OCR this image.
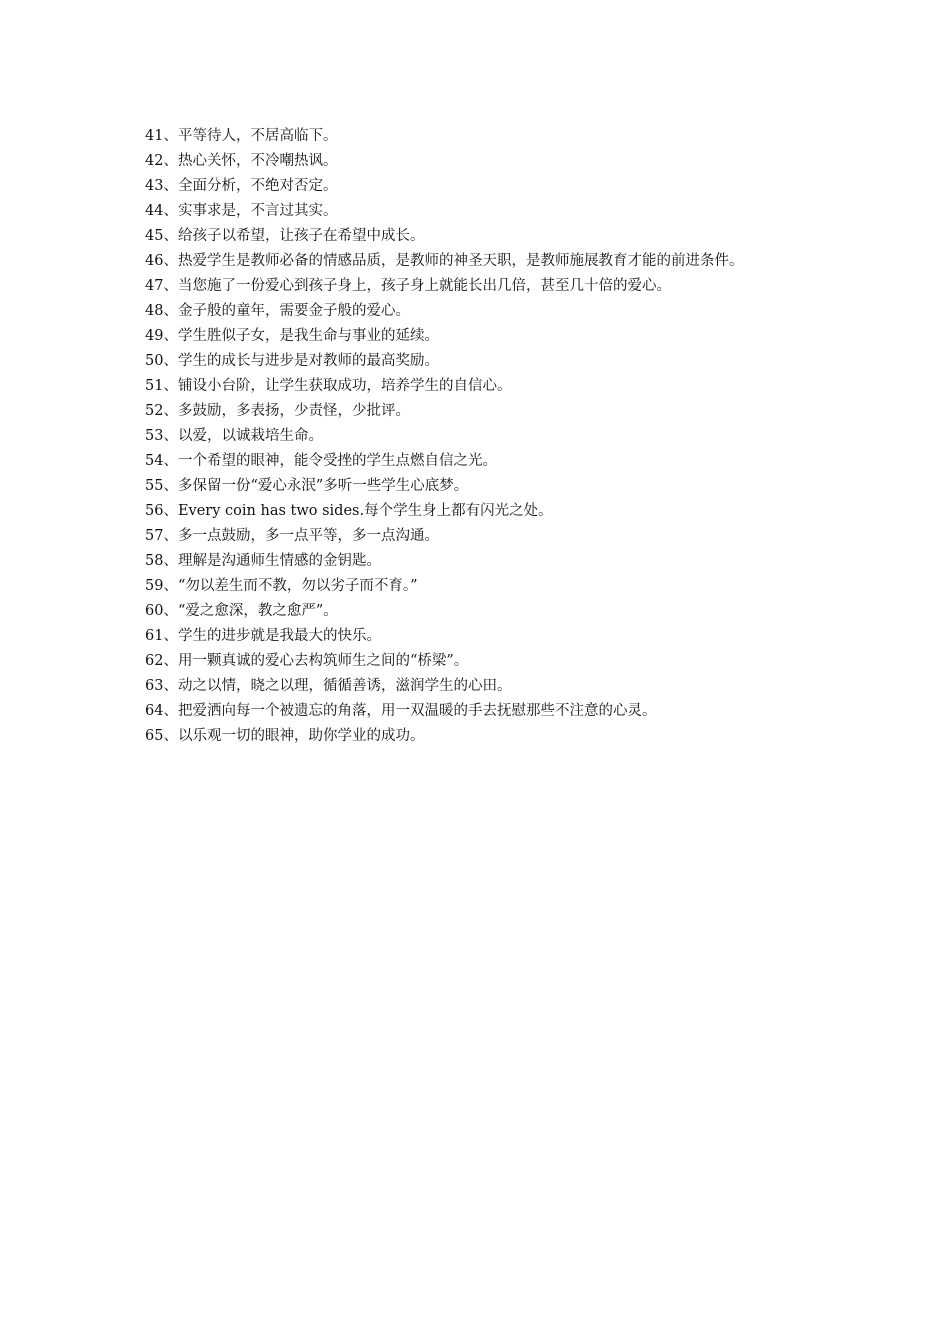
41、平等待人，不居高临下。
42、热心关怀，不冷嘲热讽。
43、全面分析，不绝对否定。
44、实事求是，不言过其实。
45、给孩子以希望，让孩子在希望中成长。
46、热爱学生是教师必备的情感品质，是教师的神圣天职，是教师施展教育才能的前进条件。
47、当您施了一份爱心到孩子身上，孩子身上就能长出几倍，甚至几十倍的爱心。
48、金子般的童年，需要金子般的爱心。
49、学生胜似子女，是我生命与事业的延续。
50、学生的成长与进步是对教师的最高奖励。
51、铺设小台阶，让学生获取成功，培养学生的自信心。
52、多鼓励，多表扬，少责怪，少批评。
53、以爱，以诚栽培生命。
54、一个希望的眼神，能令受挫的学生点燃自信之光。
55、多保留一份“爱心永泯”多听一些学生心底梦。
56、Every coin has two sides.每个学生身上都有闪光之处。
57、多一点鼓励，多一点平等，多一点沟通。
58、理解是沟通师生情感的金钥匙。
59、“勿以差生而不教，勿以劣子而不育。”
60、“爱之愈深，教之愈严”。
61、学生的进步就是我最大的快乐。
62、用一颗真诚的爱心去构筑师生之间的“桥梁”。
63、动之以情，晓之以理，循循善诱，滋润学生的心田。
64、把爱洒向每一个被遗忘的角落，用一双温暖的手去抚慰那些不注意的心灵。
65、以乐观一切的眼神，助你学业的成功。
